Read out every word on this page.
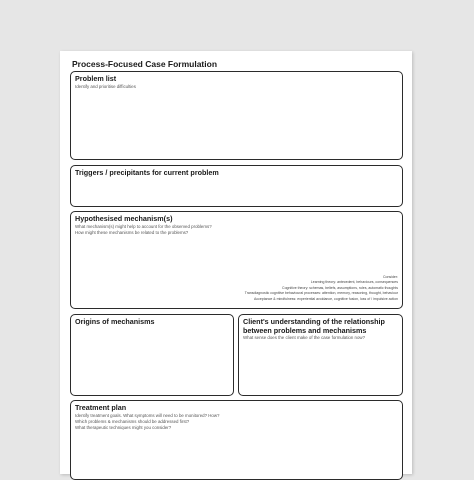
Process-Focused Case Formulation
Problem list
Identify and prioritise difficulties
Triggers / precipitants for current problem
Hypothesised mechanism(s)
What mechanism(s) might help to account for the observed problems?
How might these mechanisms be related to the problems?
Consider:
Learning theory: antecedent, behaviours, consequences
Cognitive theory: schemas, beliefs, assumptions, rules, automatic thoughts
Transdiagnostic cognitive behavioural processes: attention, memory, reasoning, thought, behaviour
Acceptance & mindfulness: experiential avoidance, cognitive fusion, loss of / impulsive action
Origins of mechanisms	Client's understanding of the relationship between problems and mechanisms
What sense does the client make of the case formulation now?
Treatment plan
Identify treatment goals. What symptoms will need to be monitored? How?
Which problems & mechanisms should be addressed first?
What therapeutic techniques might you consider?
